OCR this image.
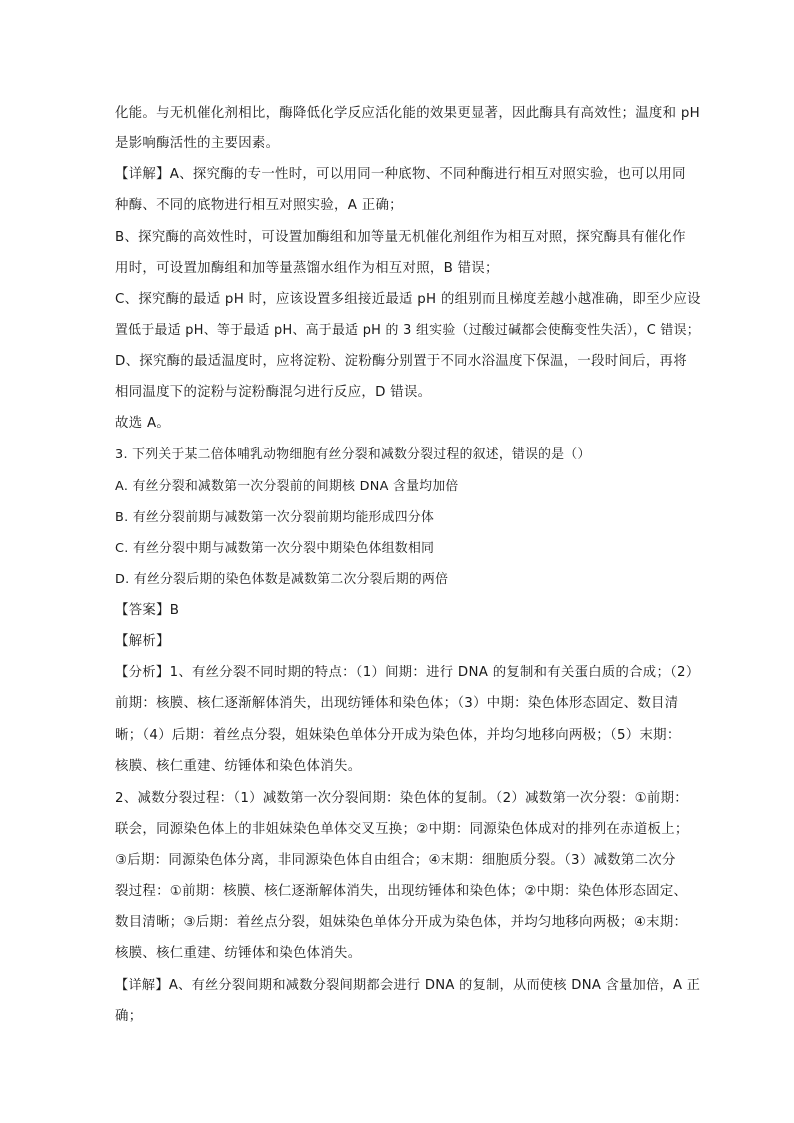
化能。与无机催化剂相比，酶降低化学反应活化能的效果更显著，因此酶具有高效性；温度和 pH
是影响酶活性的主要因素。
【详解】A、探究酶的专一性时，可以用同一种底物、不同种酶进行相互对照实验，也可以用同
种酶、不同的底物进行相互对照实验，A 正确；
B、探究酶的高效性时，可设置加酶组和加等量无机催化剂组作为相互对照，探究酶具有催化作
用时，可设置加酶组和加等量蒸馏水组作为相互对照，B 错误；
C、探究酶的最适 pH 时，应该设置多组接近最适 pH 的组别而且梯度差越小越准确，即至少应设
置低于最适 pH、等于最适 pH、高于最适 pH 的 3 组实验（过酸过碱都会使酶变性失活），C 错误；
D、探究酶的最适温度时，应将淀粉、淀粉酶分别置于不同水浴温度下保温，一段时间后，再将
相同温度下的淀粉与淀粉酶混匀进行反应，D 错误。
故选 A。
3. 下列关于某二倍体哺乳动物细胞有丝分裂和减数分裂过程的叙述，错误的是（）
A. 有丝分裂和减数第一次分裂前的间期核 DNA 含量均加倍
B. 有丝分裂前期与减数第一次分裂前期均能形成四分体
C. 有丝分裂中期与减数第一次分裂中期染色体组数相同
D. 有丝分裂后期的染色体数是减数第二次分裂后期的两倍
【答案】B
【解析】
【分析】1、有丝分裂不同时期的特点：（1）间期：进行 DNA 的复制和有关蛋白质的合成；（2）
前期：核膜、核仁逐渐解体消失，出现纺锤体和染色体；（3）中期：染色体形态固定、数目清
晰；（4）后期：着丝点分裂，姐妹染色单体分开成为染色体，并均匀地移向两极；（5）末期：
核膜、核仁重建、纺锤体和染色体消失。
2、减数分裂过程：（1）减数第一次分裂间期：染色体的复制。（2）减数第一次分裂：①前期：
联会，同源染色体上的非姐妹染色单体交叉互换；②中期：同源染色体成对的排列在赤道板上；
③后期：同源染色体分离，非同源染色体自由组合；④末期：细胞质分裂。（3）减数第二次分
裂过程：①前期：核膜、核仁逐渐解体消失，出现纺锤体和染色体；②中期：染色体形态固定、
数目清晰；③后期：着丝点分裂，姐妹染色单体分开成为染色体，并均匀地移向两极；④末期：
核膜、核仁重建、纺锤体和染色体消失。
【详解】A、有丝分裂间期和减数分裂间期都会进行 DNA 的复制，从而使核 DNA 含量加倍，A 正
确；
